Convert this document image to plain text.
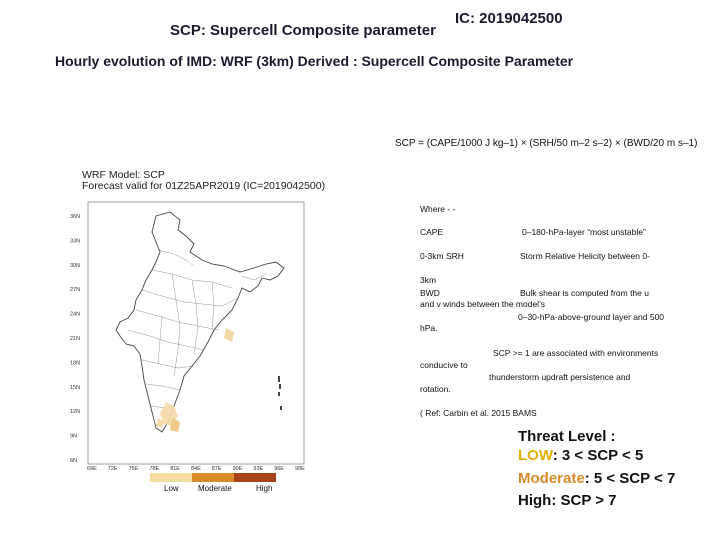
SCP: Supercell Composite parameter
IC: 2019042500
Hourly evolution of IMD: WRF (3km) Derived : Supercell Composite Parameter
SCP = (CAPE/1000 J kg–1) × (SRH/50 m–2 s–2) × (BWD/20 m s–1)
WRF Model: SCP
Forecast valid for 01Z25APR2019 (IC=2019042500)
36N
33N
30N
27N
24N
21N
18N
15N
12N
9N
6N
69E 72E 75E 78E 81E 84E 87E 90E 93E 96E 99E
Low Moderate	High
Where - -
CAPE	0–180-hPa-layer “most unstable”
0-3km SRH	Storm Relative Helicity between 0-
3km
BWD	Bulk shear is computed from the u
and v winds between the model’s
0–30-hPa-above-ground layer and 500
hPa.
SCP >= 1 are associated with environments
conducive to
thunderstorm updraft persistence and
rotation.
( Ref: Carbin et al. 2015 BAMS
Threat Level :
LOW: 3 < SCP < 5
Moderate: 5 < SCP < 7
High: SCP > 7
